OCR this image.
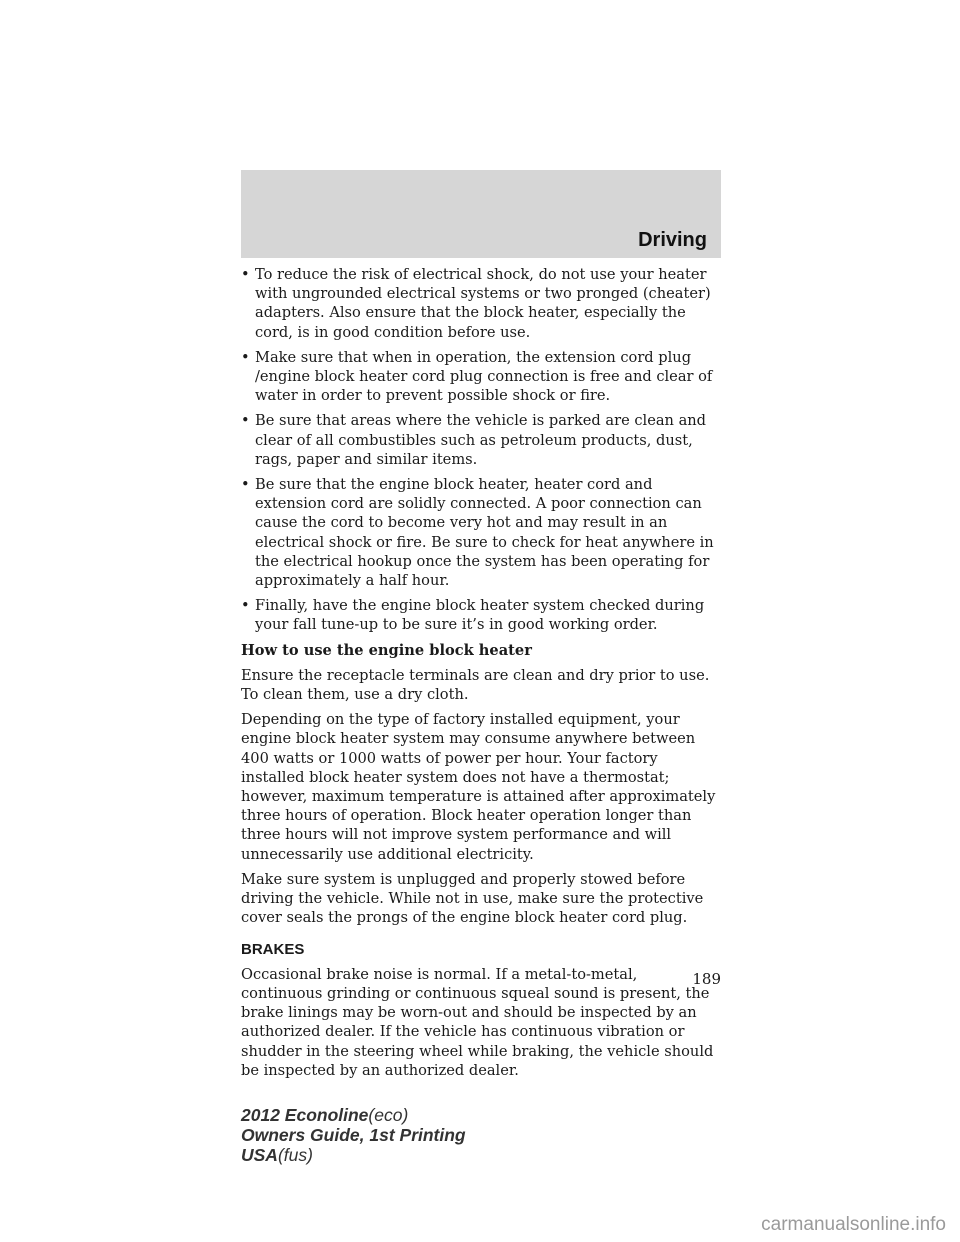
Driving
• To reduce the risk of electrical shock, do not use your heater with ungrounded electrical systems or two pronged (cheater) adapters. Also ensure that the block heater, especially the cord, is in good condition before use.
• Make sure that when in operation, the extension cord plug /engine block heater cord plug connection is free and clear of water in order to prevent possible shock or fire.
• Be sure that areas where the vehicle is parked are clean and clear of all combustibles such as petroleum products, dust, rags, paper and similar items.
• Be sure that the engine block heater, heater cord and extension cord are solidly connected. A poor connection can cause the cord to become very hot and may result in an electrical shock or fire. Be sure to check for heat anywhere in the electrical hookup once the system has been operating for approximately a half hour.
• Finally, have the engine block heater system checked during your fall tune-up to be sure it’s in good working order.

How to use the engine block heater

Ensure the receptacle terminals are clean and dry prior to use. To clean them, use a dry cloth.

Depending on the type of factory installed equipment, your engine block heater system may consume anywhere between 400 watts or 1000 watts of power per hour. Your factory installed block heater system does not have a thermostat; however, maximum temperature is attained after approximately three hours of operation. Block heater operation longer than three hours will not improve system performance and will unnecessarily use additional electricity.

Make sure system is unplugged and properly stowed before driving the vehicle. While not in use, make sure the protective cover seals the prongs of the engine block heater cord plug.

BRAKES

Occasional brake noise is normal. If a metal-to-metal, continuous grinding or continuous squeal sound is present, the brake linings may be worn-out and should be inspected by an authorized dealer. If the vehicle has continuous vibration or shudder in the steering wheel while braking, the vehicle should be inspected by an authorized dealer.

189
2012 Econoline(eco)
Owners Guide, 1st Printing
USA(fus)
carmanualsonline.info
